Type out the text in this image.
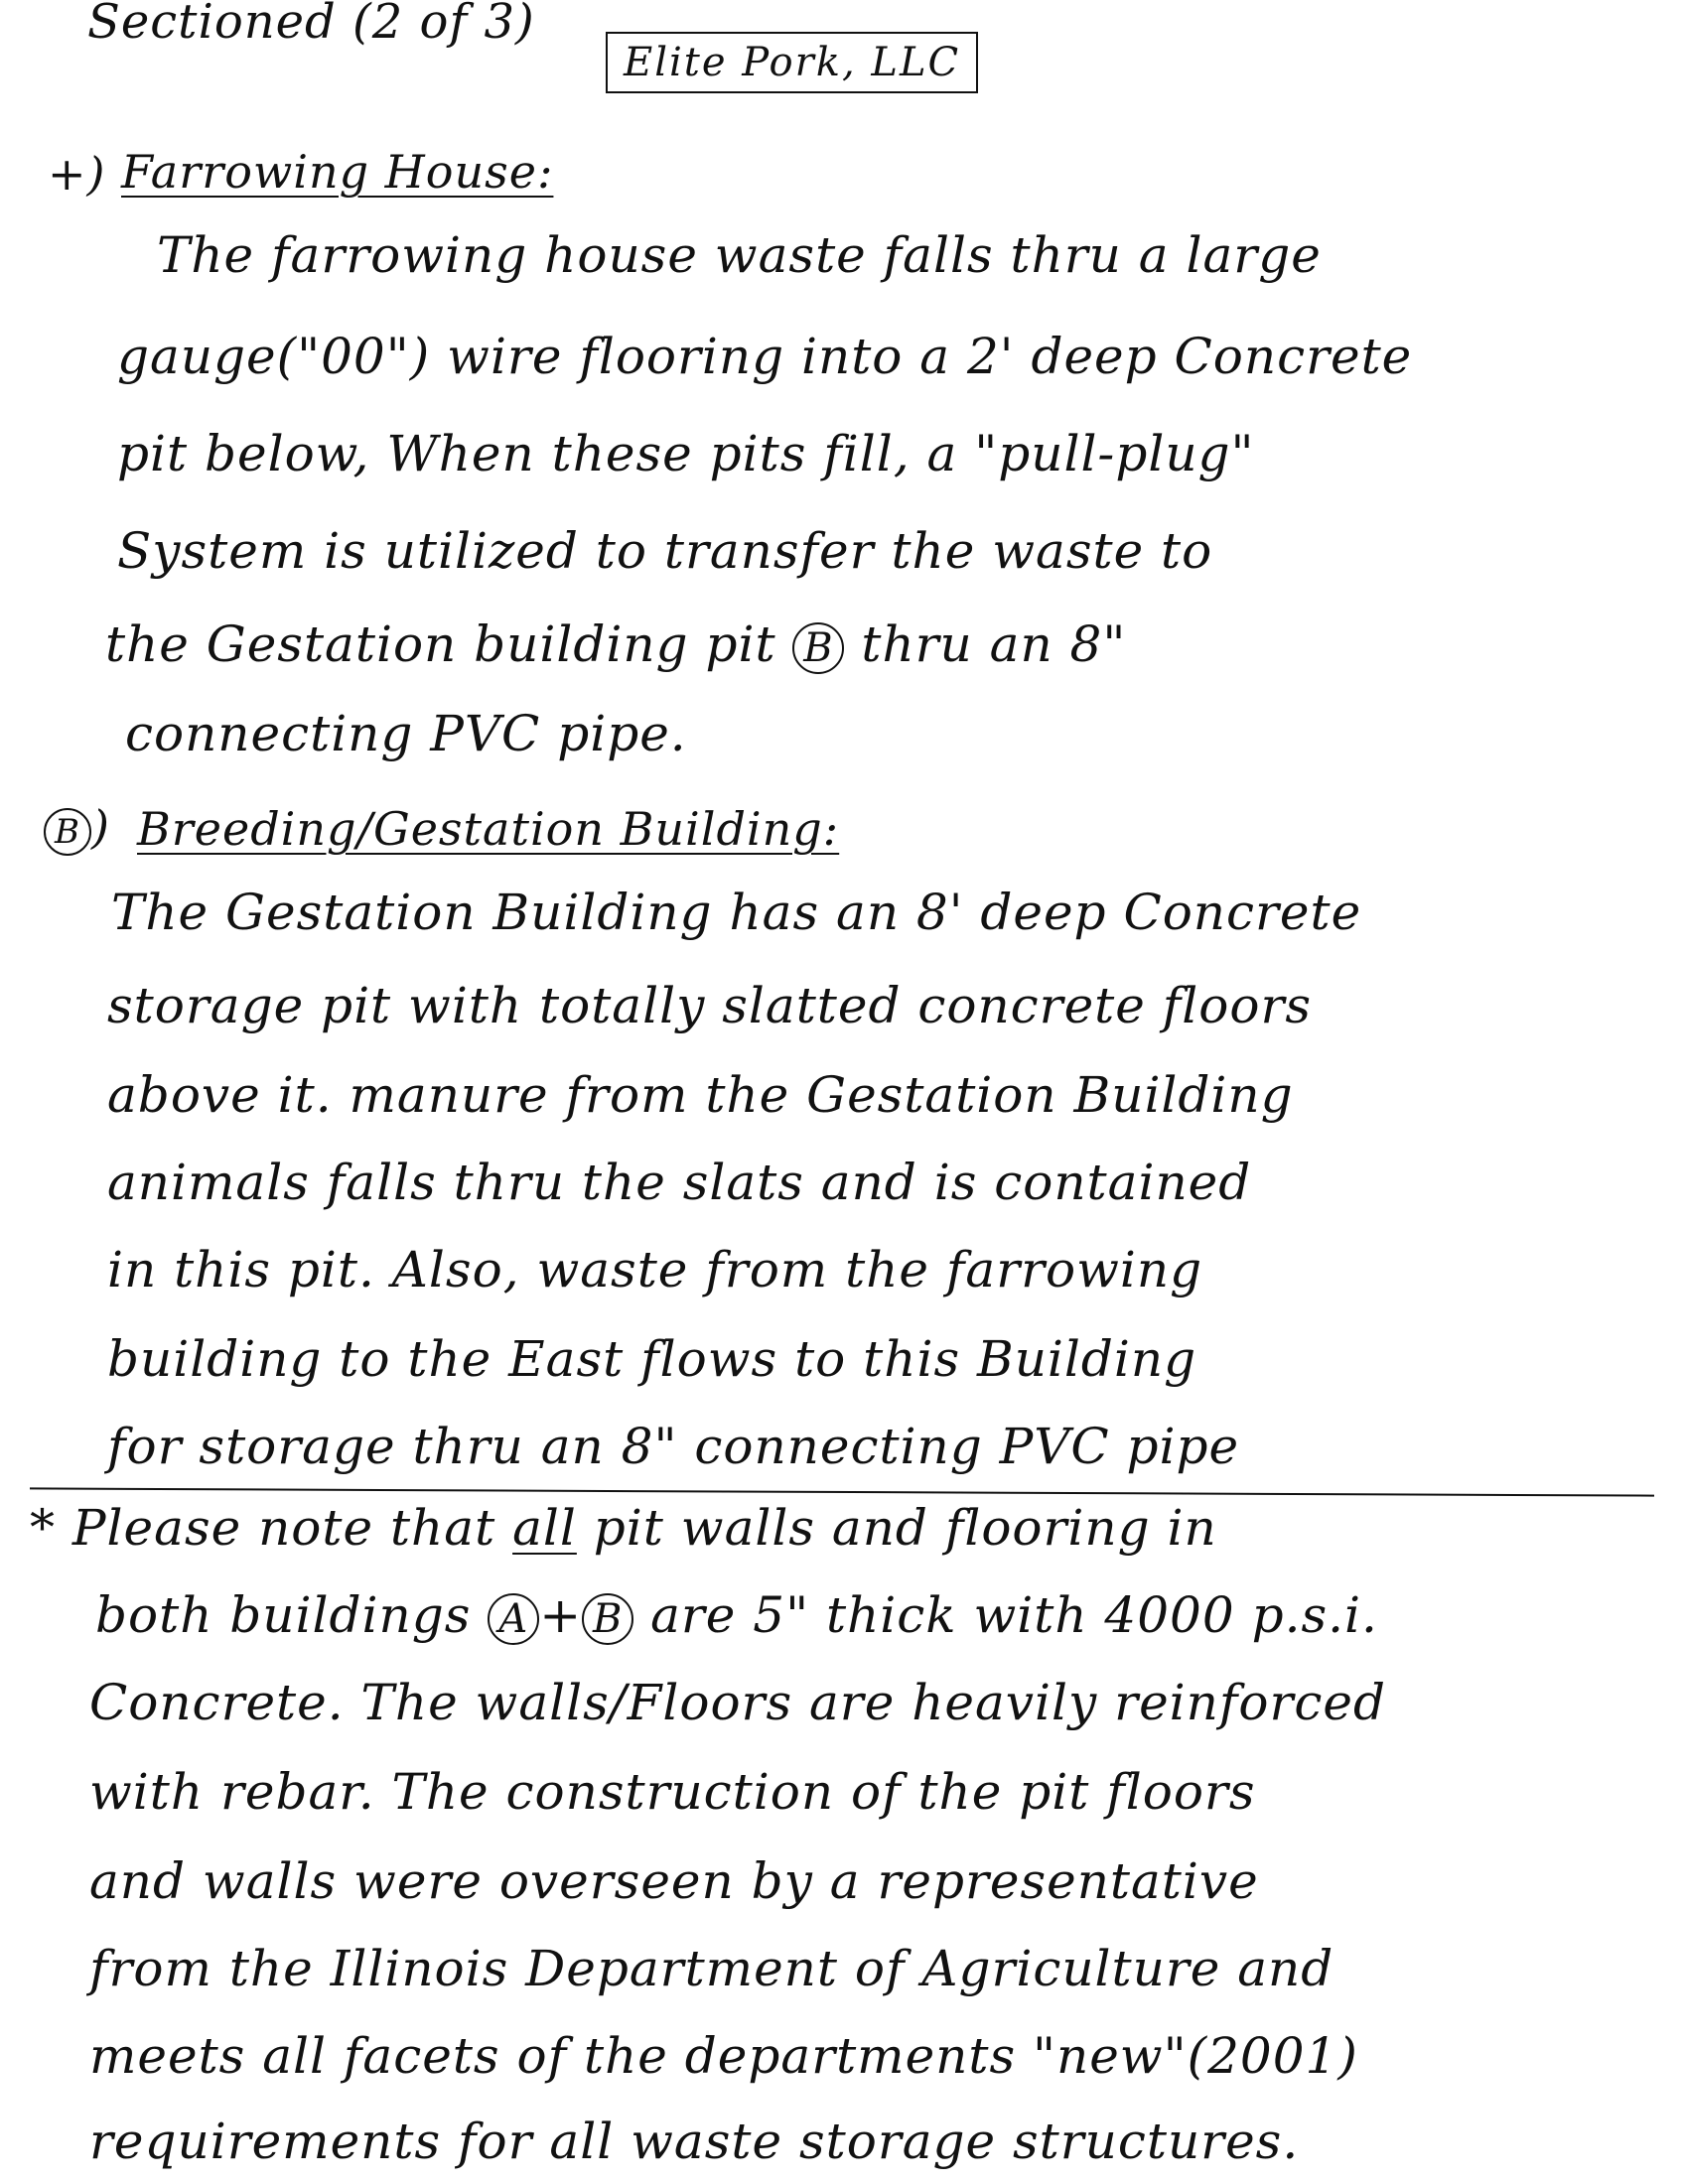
Sectioned (2 of 3)
Elite Pork, LLC
+) Farrowing House:
The farrowing house waste falls thru a large
gauge("00") wire flooring into a 2' deep Concrete
pit below, When these pits fill, a "pull-plug"
System is utilized to transfer the waste to
the Gestation building pit B thru an 8"
connecting PVC pipe.
B ) Breeding/Gestation Building:
The Gestation Building has an 8' deep Concrete
storage pit with totally slatted concrete floors
above it. manure from the Gestation Building
animals falls thru the slats and is contained
in this pit. Also, waste from the farrowing
building to the East flows to this Building
for storage thru an 8" connecting PVC pipe
* Please note that all pit walls and flooring in
both buildings A + B are 5" thick with 4000 p.s.i.
Concrete. The walls/Floors are heavily reinforced
with rebar. The construction of the pit floors
and walls were overseen by a representative
from the Illinois Department of Agriculture and
meets all facets of the departments "new"(2001)
requirements for all waste storage structures.
